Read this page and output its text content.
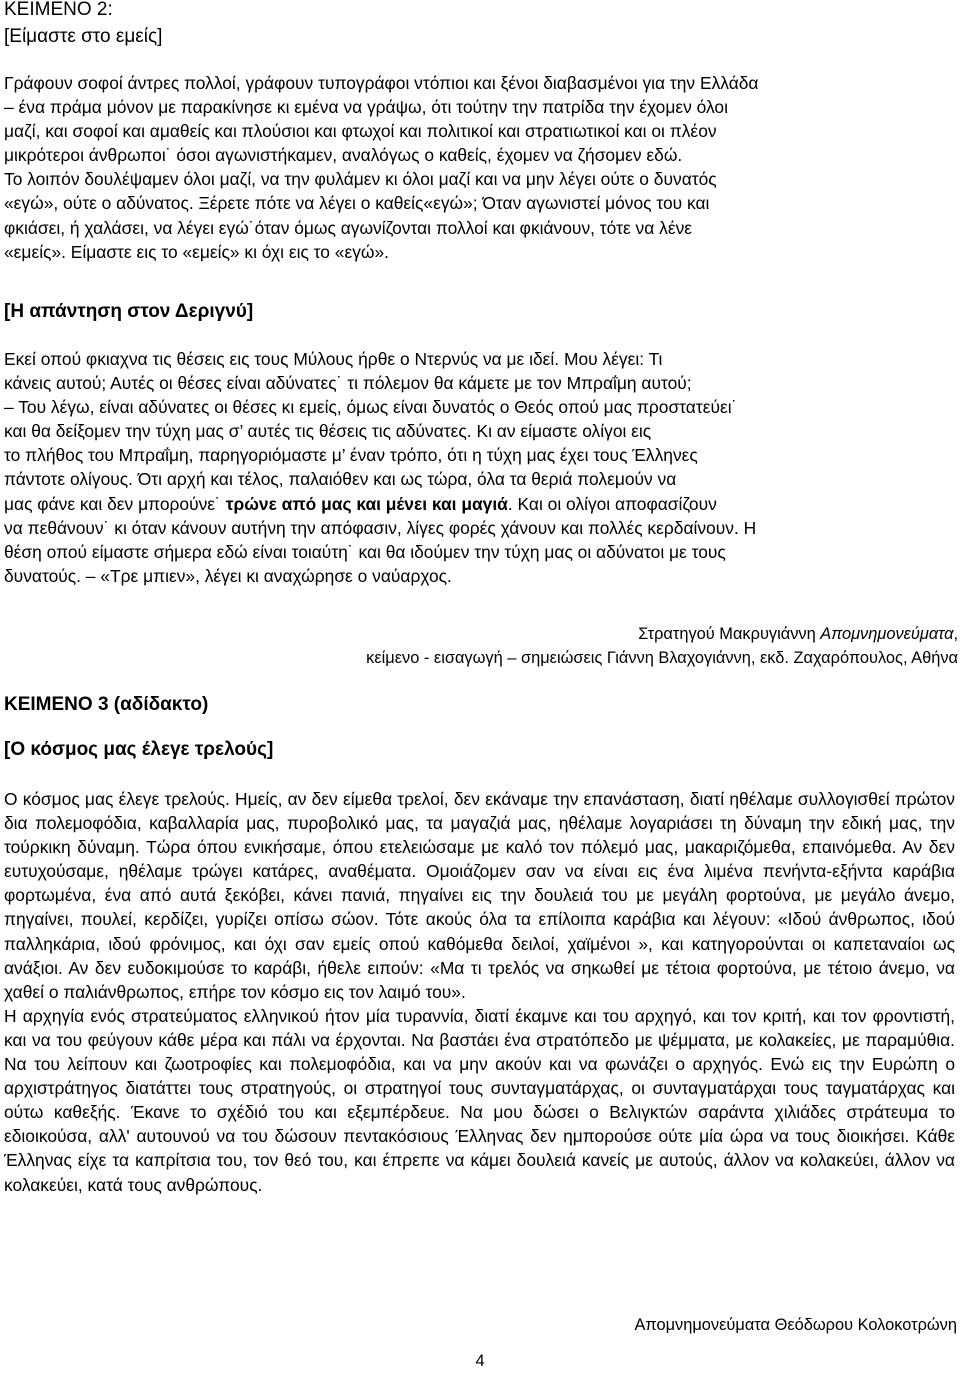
ΚΕΙΜΕΝΟ 2:
[Είμαστε στο εμείς]
Γράφουν σοφοί άντρες πολλοί, γράφουν τυπογράφοι ντόπιοι και ξένοι διαβασμένοι για την Ελλάδα
– ένα πράμα μόνον με παρακίνησε κι εμένα να γράψω, ότι τούτην την πατρίδα την έχομεν όλοι
μαζί, και σοφοί και αμαθείς και πλούσιοι και φτωχοί και πολιτικοί και στρατιωτικοί και οι πλέον
μικρότεροι άνθρωποι˙ όσοι αγωνιστήκαμεν, αναλόγως ο καθείς, έχομεν να ζήσομεν εδώ.
Το λοιπόν δουλέψαμεν όλοι μαζί, να την φυλάμεν κι όλοι μαζί και να μην λέγει ούτε ο δυνατός
«εγώ», ούτε ο αδύνατος. Ξέρετε πότε να λέγει ο καθείς«εγώ»; Όταν αγωνιστεί μόνος του και
φκιάσει, ή χαλάσει, να λέγει εγώ˙όταν όμως αγωνίζονται πολλοί και φκιάνουν, τότε να λένε
«εμείς». Είμαστε εις το «εμείς» κι όχι εις το «εγώ».
[Η απάντηση στον Δεριγνύ]
Εκεί οπού φκιαχνα τις θέσεις εις τους Μύλους ήρθε ο Ντερνύς να με ιδεί. Μου λέγει: Τι
κάνεις αυτού; Αυτές οι θέσες είναι αδύνατες˙ τι πόλεμον θα κάμετε με τον Μπραΐμη αυτού;
– Του λέγω, είναι αδύνατες οι θέσες κι εμείς, όμως είναι δυνατός ο Θεός οπού μας προστατεύει˙
και θα δείξομεν την τύχη μας σ’ αυτές τις θέσεις τις αδύνατες. Κι αν είμαστε ολίγοι εις
το πλήθος του Μπραΐμη, παρηγοριόμαστε μ’ έναν τρόπο, ότι η τύχη μας έχει τους Έλληνες
πάντοτε ολίγους. Ότι αρχή και τέλος, παλαιόθεν και ως τώρα, όλα τα θεριά πολεμούν να
μας φάνε και δεν μπορούνε˙ τρώνε από μας και μένει και μαγιά. Και οι ολίγοι αποφασίζουν
να πεθάνουν˙ κι όταν κάνουν αυτήνη την απόφασιν, λίγες φορές χάνουν και πολλές κερδαίνουν. Η
θέση οπού είμαστε σήμερα εδώ είναι τοιαύτη˙ και θα ιδούμεν την τύχη μας οι αδύνατοι με τους
δυνατούς. – «Τρε μπιεν», λέγει κι αναχώρησε ο ναύαρχος.
Στρατηγού Μακρυγιάννη Απομνημονεύματα,
κείμενο - εισαγωγή – σημειώσεις Γιάννη Βλαχογιάννη, εκδ. Ζαχαρόπουλος, Αθήνα
ΚΕΙΜΕΝΟ 3 (αδίδακτο)
[Ο κόσμος μας έλεγε τρελούς]
Ο κόσμος μας έλεγε τρελούς. Ημείς, αν δεν είμεθα τρελοί, δεν εκάναμε την επανάσταση, διατί ηθέλαμε συλλογισθεί πρώτον δια πολεμοφόδια, καβαλλαρία μας, πυροβολικό μας, τα μαγαζιά μας, ηθέλαμε λογαριάσει τη δύναμη την εδική μας, την τούρκικη δύναμη. Τώρα όπου ενικήσαμε, όπου ετελειώσαμε με καλό τον πόλεμό μας, μακαριζόμεθα, επαινόμεθα. Αν δεν ευτυχούσαμε, ηθέλαμε τρώγει κατάρες, αναθέματα. Ομοιάζομεν σαν να είναι εις ένα λιμένα πενήντα-εξήντα καράβια φορτωμένα, ένα από αυτά ξεκόβει, κάνει πανιά, πηγαίνει εις την δουλειά του με μεγάλη φορτούνα, με μεγάλο άνεμο, πηγαίνει, πουλεί, κερδίζει, γυρίζει οπίσω σώον. Τότε ακούς όλα τα επίλοιπα καράβια και λέγουν: «Ιδού άνθρωπος, ιδού παλληκάρια, ιδού φρόνιμος, και όχι σαν εμείς οπού καθόμεθα δειλοί, χαϊμένοι », και κατηγορούνται οι καπεταναίοι ως ανάξιοι. Αν δεν ευδοκιμούσε το καράβι, ήθελε ειπούν: «Μα τι τρελός να σηκωθεί με τέτοια φορτούνα, με τέτοιο άνεμο, να χαθεί ο παλιάνθρωπος, επήρε τον κόσμο εις τον λαιμό του».
Η αρχηγία ενός στρατεύματος ελληνικού ήτον μία τυραννία, διατί έκαμνε και του αρχηγό, και τον κριτή, και τον φροντιστή, και να του φεύγουν κάθε μέρα και πάλι να έρχονται. Να βαστάει ένα στρατόπεδο με ψέμματα, με κολακείες, με παραμύθια. Να του λείπουν και ζωοτροφίες και πολεμοφόδια, και να μην ακούν και να φωνάζει ο αρχηγός. Ενώ εις την Ευρώπη ο αρχιστράτηγος διατάττει τους στρατηγούς, οι στρατηγοί τους συνταγματάρχας, οι συνταγματάρχαι τους ταγματάρχας και ούτω καθεξής. Έκανε το σχέδιό του και εξεμπέρδευε. Να μου δώσει ο Βελιγκτών σαράντα χιλιάδες στράτευμα το εδιοικούσα, αλλ' αυτουνού να του δώσουν πεντακόσιους Έλληνας δεν ημπορούσε ούτε μία ώρα να τους διοικήσει. Κάθε Έλληνας είχε τα καπρίτσια του, τον θεό του, και έπρεπε να κάμει δουλειά κανείς με αυτούς, άλλον να κολακεύει, άλλον να κολακεύει, κατά τους ανθρώπους.
Απομνημονεύματα Θεόδωρου Κολοκοτρώνη
4
